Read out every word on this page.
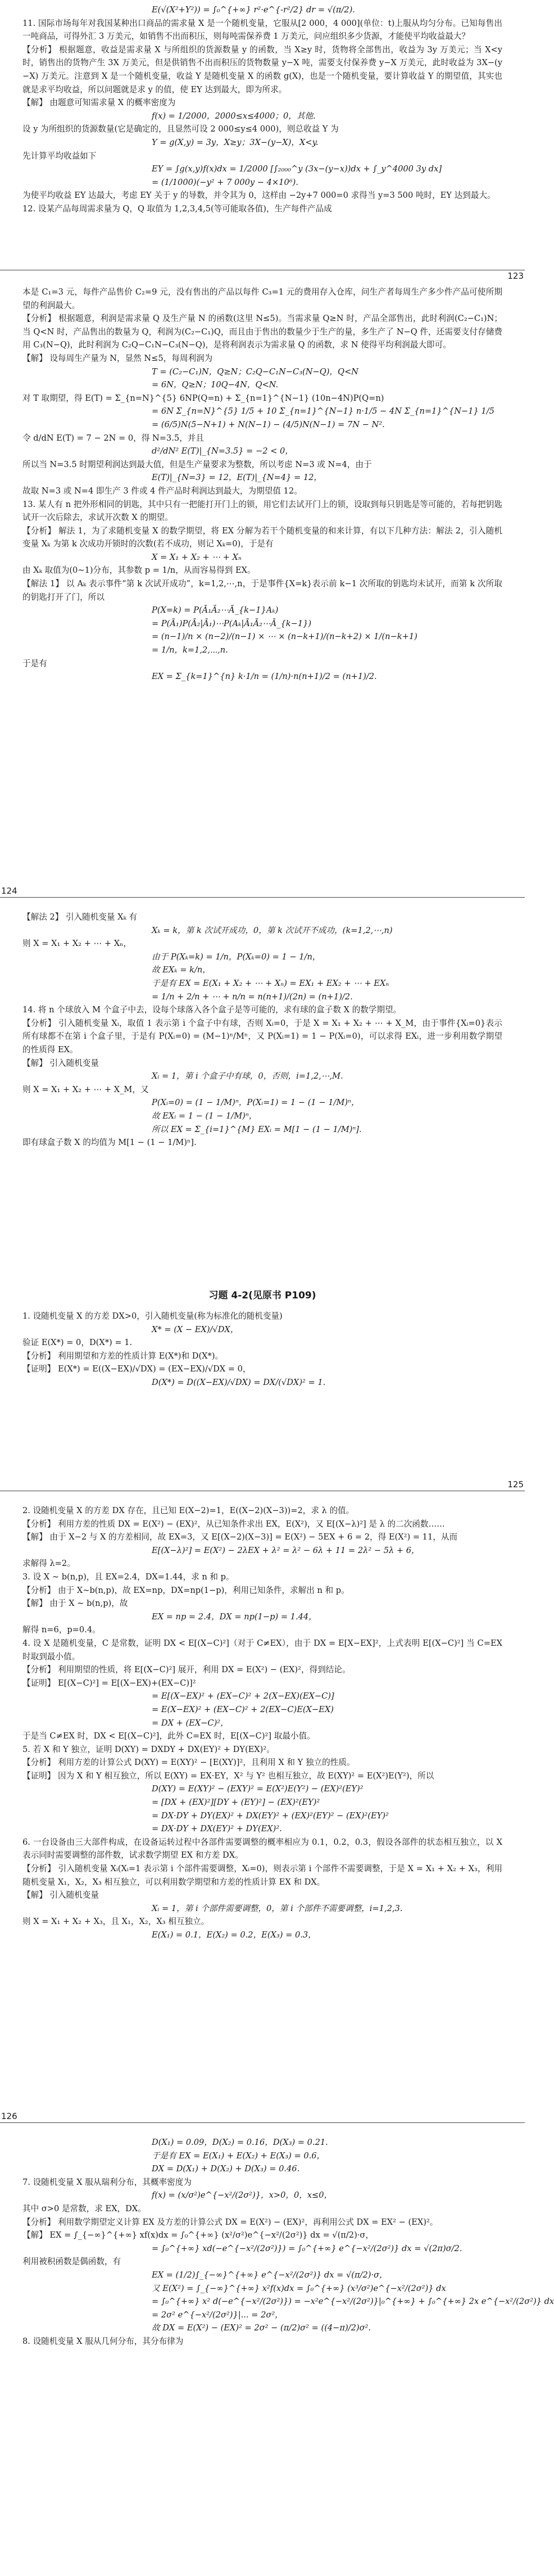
E(√(X²+Y²)) = ∫₀^{+∞} r²·e^{-r²/2} dr = √(π/2).

11. 国际市场每年对我国某种出口商品的需求量 X 是一个随机变量，它服从[2 000，4 000](单位：t)上服从均匀分布。已知每售出一吨商品，可得外汇 3 万美元，如销售不出而积压，则每吨需保养费 1 万美元，问应组织多少货源，才能使平均收益最大？

【分析】 根据题意，收益是需求量 X 与所组织的货源数量 y 的函数，当 X≥y 时，货物将全部售出，收益为 3y 万美元；当 X<y 时，销售出的货物产生 3X 万美元，但是供销售不出而积压的货物数量 y−X 吨，需要支付保养费 y−X 万美元，此时收益为 3X−(y−X) 万美元。注意到 X 是一个随机变量，收益 Y 是随机变量 X 的函数 g(X)，也是一个随机变量，要计算收益 Y 的期望值，其实也就是求平均收益，所以问题就是求 y 的值，使 EY 达到最大，即为所求。

【解】 由题意可知需求量 X 的概率密度为

f(x) = 1/2000，2000≤x≤4000；0，其他.

设 y 为所组织的货源数量(它是确定的，且显然可设 2 000≤y≤4 000)，则总收益 Y 为

Y = g(X,y) = 3y，X≥y；3X−(y−X)，X<y.

先计算平均收益如下

EY = ∫g(x,y)f(x)dx = 1/2000 [∫₂₀₀₀^y (3x−(y−x))dx + ∫_y^4000 3y dx]

= (1/1000)(−y² + 7 000y − 4×10⁶).

为使平均收益 EY 达最大，考虑 EY 关于 y 的导数，并令其为 0，这样由 −2y+7 000=0 求得当 y=3 500 吨时，EY 达到最大。

12. 设某产品每周需求量为 Q，Q 取值为 1,2,3,4,5(等可能取各值)，生产每件产品成

123

本是 C₁=3 元，每件产品售价 C₂=9 元，没有售出的产品以每件 C₃=1 元的费用存入仓库，问生产者每周生产多少件产品可使所期望的利润最大。

【分析】 根据题意，利润是需求量 Q 及生产量 N 的函数(这里 N≤5)。当需求量 Q≥N 时，产品全部售出，此时利润(C₂−C₁)N；当 Q<N 时，产品售出的数量为 Q，利润为(C₂−C₁)Q，而且由于售出的数量少于生产的量，多生产了 N−Q 件，还需要支付存储费用 C₃(N−Q)，此时利润为 C₂Q−C₁N−C₃(N−Q)，是将利润表示为需求量 Q 的函数，求 N 使得平均利润最大即可。

【解】 设每周生产量为 N，显然 N≤5，每周利润为

T = (C₂−C₁)N，Q≥N；C₂Q−C₁N−C₃(N−Q)，Q<N

= 6N，Q≥N；10Q−4N，Q<N.

对 T 取期望，得 E(T) = Σ_{n=N}^{5} 6NP(Q=n) + Σ_{n=1}^{N−1} (10n−4N)P(Q=n)

= 6N Σ_{n=N}^{5} 1/5 + 10 Σ_{n=1}^{N−1} n·1/5 − 4N Σ_{n=1}^{N−1} 1/5

= (6/5)N(5−N+1) + N(N−1) − (4/5)N(N−1) = 7N − N².

令 d/dN E(T) = 7 − 2N = 0，得 N=3.5，并且

d²/dN² E(T)|_{N=3.5} = −2 < 0，

所以当 N=3.5 时期望利润达到最大值，但是生产量要求为整数，所以考虑 N=3 或 N=4，由于

E(T)|_{N=3} = 12，E(T)|_{N=4} = 12，

故取 N=3 或 N=4 即生产 3 件或 4 件产品时利润达到最大，为期望值 12。

13. 某人有 n 把外形相同的钥匙，其中只有一把能打开门上的锁，用它们去试开门上的锁，设取到每只钥匙是等可能的，若每把钥匙试开一次后除去，求试开次数 X 的期望。

【分析】 解法 1，为了求随机变量 X 的数学期望，将 EX 分解为若干个随机变量的和来计算，有以下几种方法：解法 2，引入随机变量 Xₖ 为第 k 次成功开锁时的次数(若不成功，则记 Xₖ=0)，于是有

X = X₁ + X₂ + ⋯ + Xₙ

由 Xₖ 取值为(0~1)分布，其参数 p = 1/n，从而容易得到 EX。

【解法 1】 以 Aₖ 表示事件“第 k 次试开成功”，k=1,2,⋯,n，于是事件{X=k}表示前 k−1 次所取的钥匙均未试开，而第 k 次所取的钥匙打开了门，所以

P(X=k) = P(Ā₁Ā₂⋯Ā_{k−1}Aₖ)

= P(Ā₁)P(Ā₂|Ā₁)⋯P(Aₖ|Ā₁Ā₂⋯Ā_{k−1})

= (n−1)/n × (n−2)/(n−1) × ⋯ × (n−k+1)/(n−k+2) × 1/(n−k+1)

= 1/n，k=1,2,⋯,n.

于是有

EX = Σ_{k=1}^{n} k·1/n = (1/n)·n(n+1)/2 = (n+1)/2.

124

【解法 2】 引入随机变量 Xₖ 有

Xₖ = k，第 k 次试开成功，0，第 k 次试开不成功，(k=1,2,⋯,n)

则 X = X₁ + X₂ + ⋯ + Xₙ，

由于 P(Xₖ=k) = 1/n，P(Xₖ=0) = 1 − 1/n，

故 EXₖ = k/n，

于是有 EX = E(X₁ + X₂ + ⋯ + Xₙ) = EX₁ + EX₂ + ⋯ + EXₙ

= 1/n + 2/n + ⋯ + n/n = n(n+1)/(2n) = (n+1)/2.

14. 将 n 个球放入 M 个盒子中去，设每个球落入各个盒子是等可能的，求有球的盒子数 X 的数学期望。

【分析】 引入随机变量 Xᵢ，取值 1 表示第 i 个盒子中有球，否则 Xᵢ=0，于是 X = X₁ + X₂ + ⋯ + X_M，由于事件{Xᵢ=0}表示所有球都不在第 i 个盒子里，于是有 P(Xᵢ=0) = (M−1)ⁿ/Mⁿ，又 P(Xᵢ=1) = 1 − P(Xᵢ=0)，可以求得 EXᵢ，进一步利用数学期望的性质得 EX。

【解】 引入随机变量

Xᵢ = 1，第 i 个盒子中有球，0，否则，i=1,2,⋯,M.

则 X = X₁ + X₂ + ⋯ + X_M，又

P(Xᵢ=0) = (1 − 1/M)ⁿ，P(Xᵢ=1) = 1 − (1 − 1/M)ⁿ，

故 EXᵢ = 1 − (1 − 1/M)ⁿ，

所以 EX = Σ_{i=1}^{M} EXᵢ = M[1 − (1 − 1/M)ⁿ].

即有球盒子数 X 的均值为 M[1 − (1 − 1/M)ⁿ].

习题 4-2(见原书 P109)

1. 设随机变量 X 的方差 DX>0，引入随机变量(称为标准化的随机变量)

X* = (X − EX)/√DX，

验证 E(X*) = 0，D(X*) = 1.

【分析】 利用期望和方差的性质计算 E(X*)和 D(X*)。

【证明】 E(X*) = E((X−EX)/√DX) = (EX−EX)/√DX = 0，

D(X*) = D((X−EX)/√DX) = DX/(√DX)² = 1.

125

2. 设随机变量 X 的方差 DX 存在，且已知 E(X−2)=1，E((X−2)(X−3))=2，求 λ 的值。

【分析】 利用方差的性质 DX = E(X²) − (EX)²，从已知条件求出 EX，E(X²)，又 E[(X−λ)²] 是 λ 的二次函数……

【解】 由于 X−2 与 X 的方差相同，故 EX=3，又 E[(X−2)(X−3)] = E(X²) − 5EX + 6 = 2，得 E(X²) = 11，从而

E[(X−λ)²] = E(X²) − 2λEX + λ² = λ² − 6λ + 11 = 2λ² − 5λ + 6，

求解得 λ=2。

3. 设 X ~ b(n,p)，且 EX=2.4，DX=1.44，求 n 和 p。

【分析】 由于 X~b(n,p)，故 EX=np，DX=np(1−p)，利用已知条件，求解出 n 和 p。

【解】 由于 X ~ b(n,p)，故

EX = np = 2.4，DX = np(1−p) = 1.44，

解得 n=6，p=0.4。

4. 设 X 是随机变量，C 是常数，证明 DX < E[(X−C)²]（对于 C≠EX），由于 DX = E[X−EX]²，上式表明 E[(X−C)²] 当 C=EX 时取到最小值。

【分析】 利用期望的性质，将 E[(X−C)²] 展开，利用 DX = E(X²) − (EX)²，得到结论。

【证明】 E[(X−C)²] = E[(X−EX)+(EX−C)]²

= E[(X−EX)² + (EX−C)² + 2(X−EX)(EX−C)]

= E(X−EX)² + (EX−C)² + 2(EX−C)E(X−EX)

= DX + (EX−C)²，

于是当 C≠EX 时，DX < E[(X−C)²]，此外 C=EX 时，E[(X−C)²] 取最小值。

5. 若 X 和 Y 独立，证明 D(XY) = DXDY + DX(EY)² + DY(EX)²。

【分析】 利用方差的计算公式 D(XY) = E(XY)² − [E(XY)]²，且利用 X 和 Y 独立的性质。

【证明】 因为 X 和 Y 相互独立，所以 E(XY) = EX·EY，X² 与 Y² 也相互独立，故 E(XY)² = E(X²)E(Y²)，所以

D(XY) = E(XY)² − (EXY)² = E(X²)E(Y²) − (EX)²(EY)²

= [DX + (EX)²][DY + (EY)²] − (EX)²(EY)²

= DX·DY + DY(EX)² + DX(EY)² + (EX)²(EY)² − (EX)²(EY)²

= DX·DY + DX(EY)² + DY(EX)².

6. 一台设备由三大部件构成，在设备运转过程中各部件需要调整的概率相应为 0.1，0.2，0.3，假设各部件的状态相互独立，以 X 表示同时需要调整的部件数，试求数学期望 EX 和方差 DX。

【分析】 引入随机变量 Xᵢ(Xᵢ=1 表示第 i 个部件需要调整，Xᵢ=0)，则表示第 i 个部件不需要调整，于是 X = X₁ + X₂ + X₃，利用随机变量 X₁，X₂，X₃ 相互独立，可以利用数学期望和方差的性质计算 EX 和 DX。

【解】 引入随机变量

Xᵢ = 1，第 i 个部件需要调整，0，第 i 个部件不需要调整，i=1,2,3.

则 X = X₁ + X₂ + X₃，且 X₁，X₂，X₃ 相互独立。

E(X₁) = 0.1，E(X₂) = 0.2，E(X₃) = 0.3，

126

D(X₁) = 0.09，D(X₂) = 0.16，D(X₃) = 0.21.

于是有 EX = E(X₁) + E(X₂) + E(X₃) = 0.6，

DX = D(X₁) + D(X₂) + D(X₃) = 0.46.

7. 设随机变量 X 服从瑞利分布，其概率密度为

f(x) = (x/σ²)e^{−x²/(2σ²)}，x>0，0，x≤0，

其中 σ>0 是常数，求 EX，DX。

【分析】 利用数学期望定义计算 EX 及方差的计算公式 DX = E(X²) − (EX)²，再利用公式 DX = EX² − (EX)²。

【解】 EX = ∫_{−∞}^{+∞} xf(x)dx = ∫₀^{+∞} (x²/σ²)e^{−x²/(2σ²)} dx = √(π/2)·σ，

= ∫₀^{+∞} xd(−e^{−x²/(2σ²)}) = ∫₀^{+∞} e^{−x²/(2σ²)} dx = √(2π)σ/2.

利用被积函数是偶函数，有

EX = (1/2)∫_{−∞}^{+∞} e^{−x²/(2σ²)} dx = √(π/2)·σ，

又 E(X²) = ∫_{−∞}^{+∞} x²f(x)dx = ∫₀^{+∞} (x³/σ²)e^{−x²/(2σ²)} dx

= ∫₀^{+∞} x² d(−e^{−x²/(2σ²)}) = −x²e^{−x²/(2σ²)}|₀^{+∞} + ∫₀^{+∞} 2x e^{−x²/(2σ²)} dx

= 2σ² e^{−x²/(2σ²)}|... = 2σ²，

故 DX = E(X²) − (EX)² = 2σ² − (π/2)σ² = ((4−π)/2)σ².

8. 设随机变量 X 服从几何分布，其分布律为
